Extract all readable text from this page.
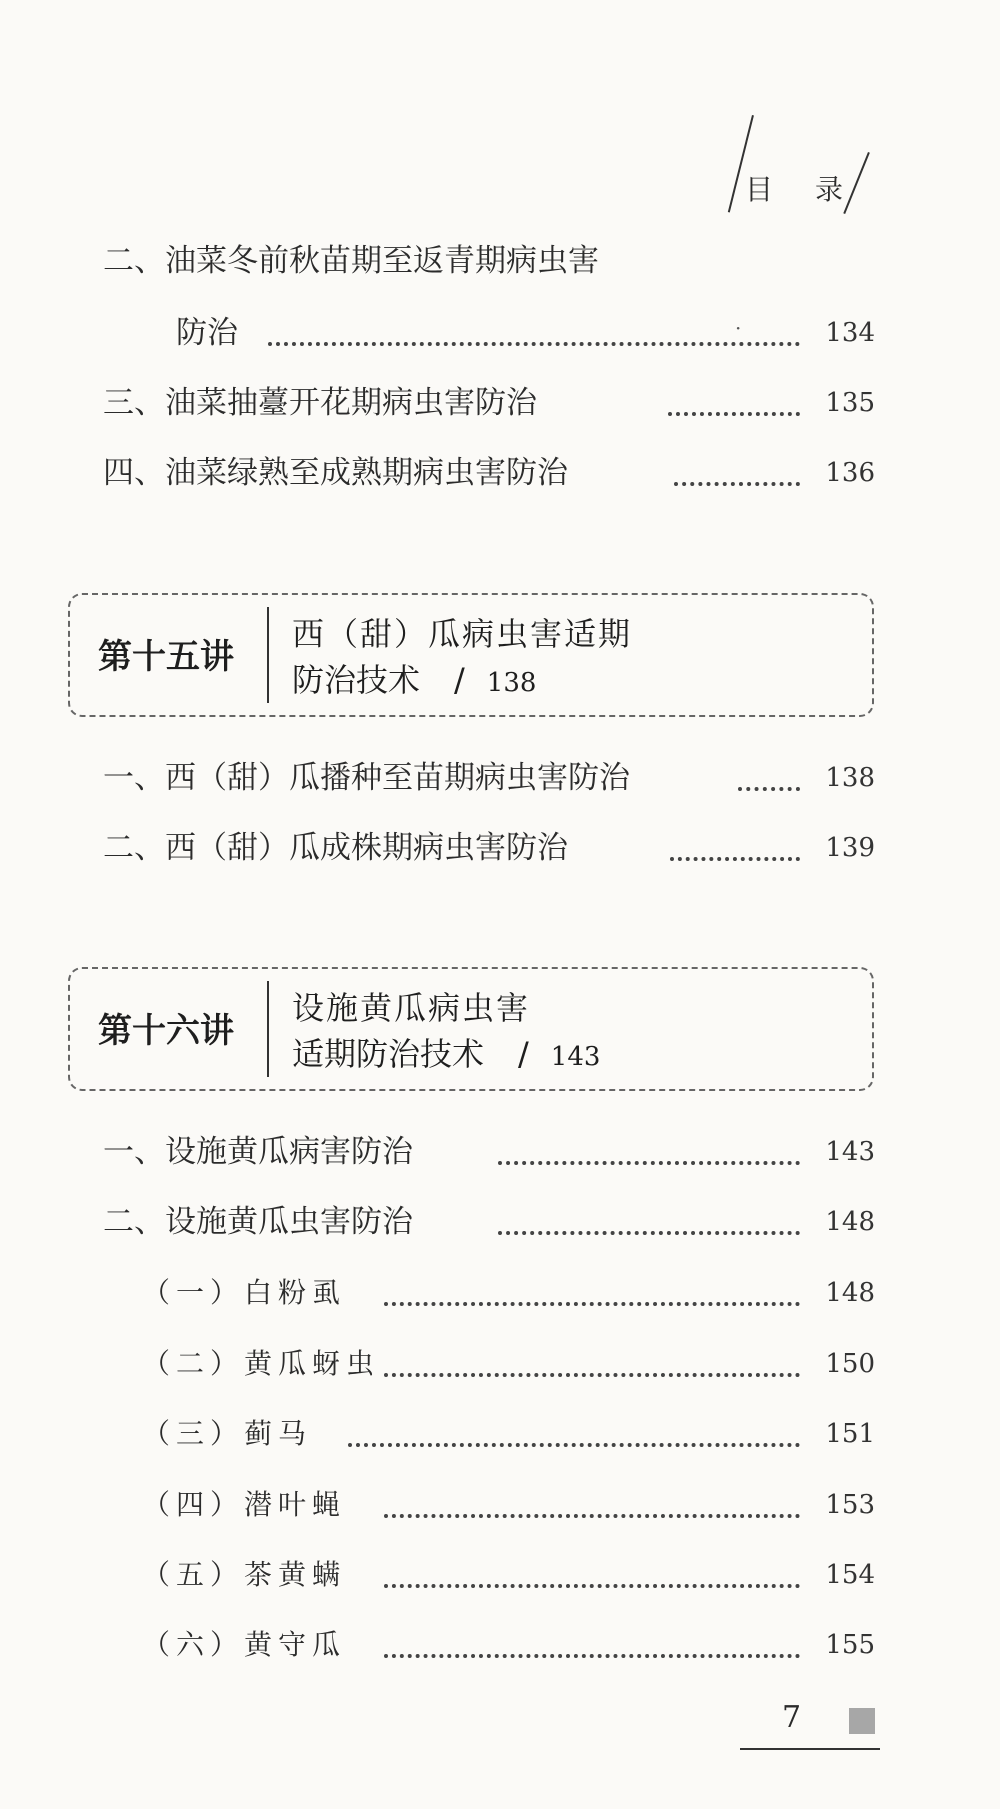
目 录
二、油菜冬前秋苗期至返青期病虫害
防治	134
·
三、油菜抽薹开花期病虫害防治	135
四、油菜绿熟至成熟期病虫害防治	136
第十五讲
西（甜）瓜病虫害适期
防治技术 / 138
一、西（甜）瓜播种至苗期病虫害防治	138
二、西（甜）瓜成株期病虫害防治	139
第十六讲
设施黄瓜病虫害
适期防治技术 / 143
一、设施黄瓜病害防治	143
二、设施黄瓜虫害防治	148
（一）白粉虱	148
（二）黄瓜蚜虫	150
（三）蓟马	151
（四）潜叶蝇	153
（五）茶黄螨	154
（六）黄守瓜	155
7
